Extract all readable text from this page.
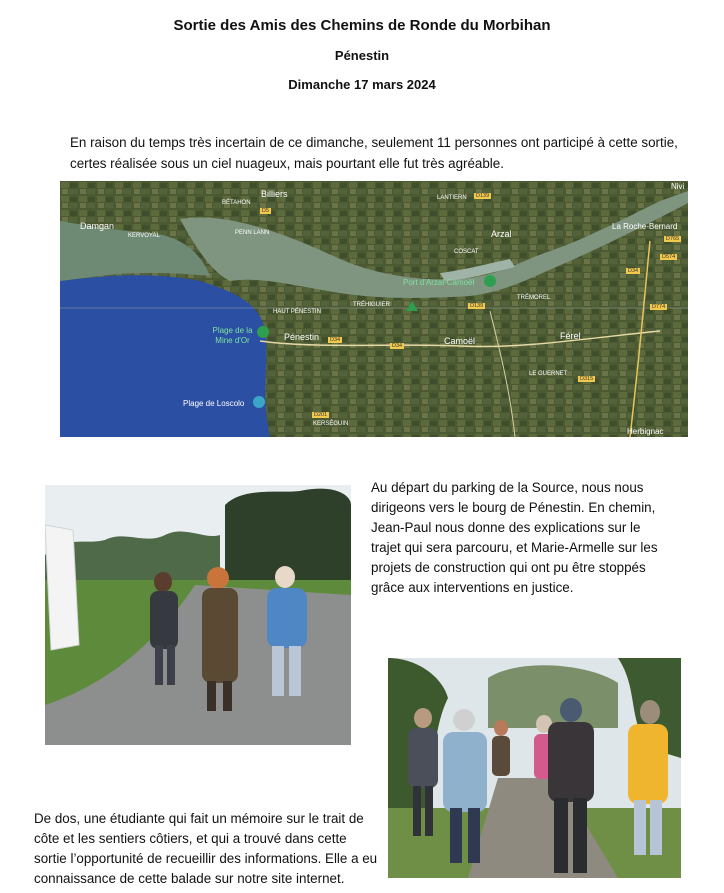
Sortie des Amis des Chemins de Ronde du Morbihan
Pénestin
Dimanche 17 mars 2024
En raison du temps très incertain de ce dimanche, seulement 11 personnes ont participé à cette sortie, certes réalisée sous un ciel nuageux, mais pourtant elle fut très agréable.
Billiers
BÉTAHON
Damgan
KERVOYAL	PENN LANN
LANTIERN
Arzal
COSCAT
Port d'Arzal-Camoël
Nivi
La Roche-Bernard
TRÉMOREL
HAUT PÉNESTIN
TRÉHIGUIER
Pénestin	Camoël	Férel
Plage de la Mine d'Or
LE GUERNET
Plage de Loscolo
KERSÉGUIN
Herbignac
D139
D5
D765
D574
D34
D774
D139
D34
D34
D315
D201
Au départ du parking de la Source, nous nous dirigeons vers le bourg de Pénestin. En chemin, Jean-Paul nous donne des explications sur le trajet qui sera parcouru, et Marie-Armelle sur les projets de construction qui ont pu être stoppés grâce aux interventions en justice.
De dos, une étudiante qui fait un mémoire sur le trait de côte et les sentiers côtiers, et qui a trouvé dans cette sortie l’opportunité de recueillir des informations. Elle a eu connaissance de cette balade sur notre site internet.
